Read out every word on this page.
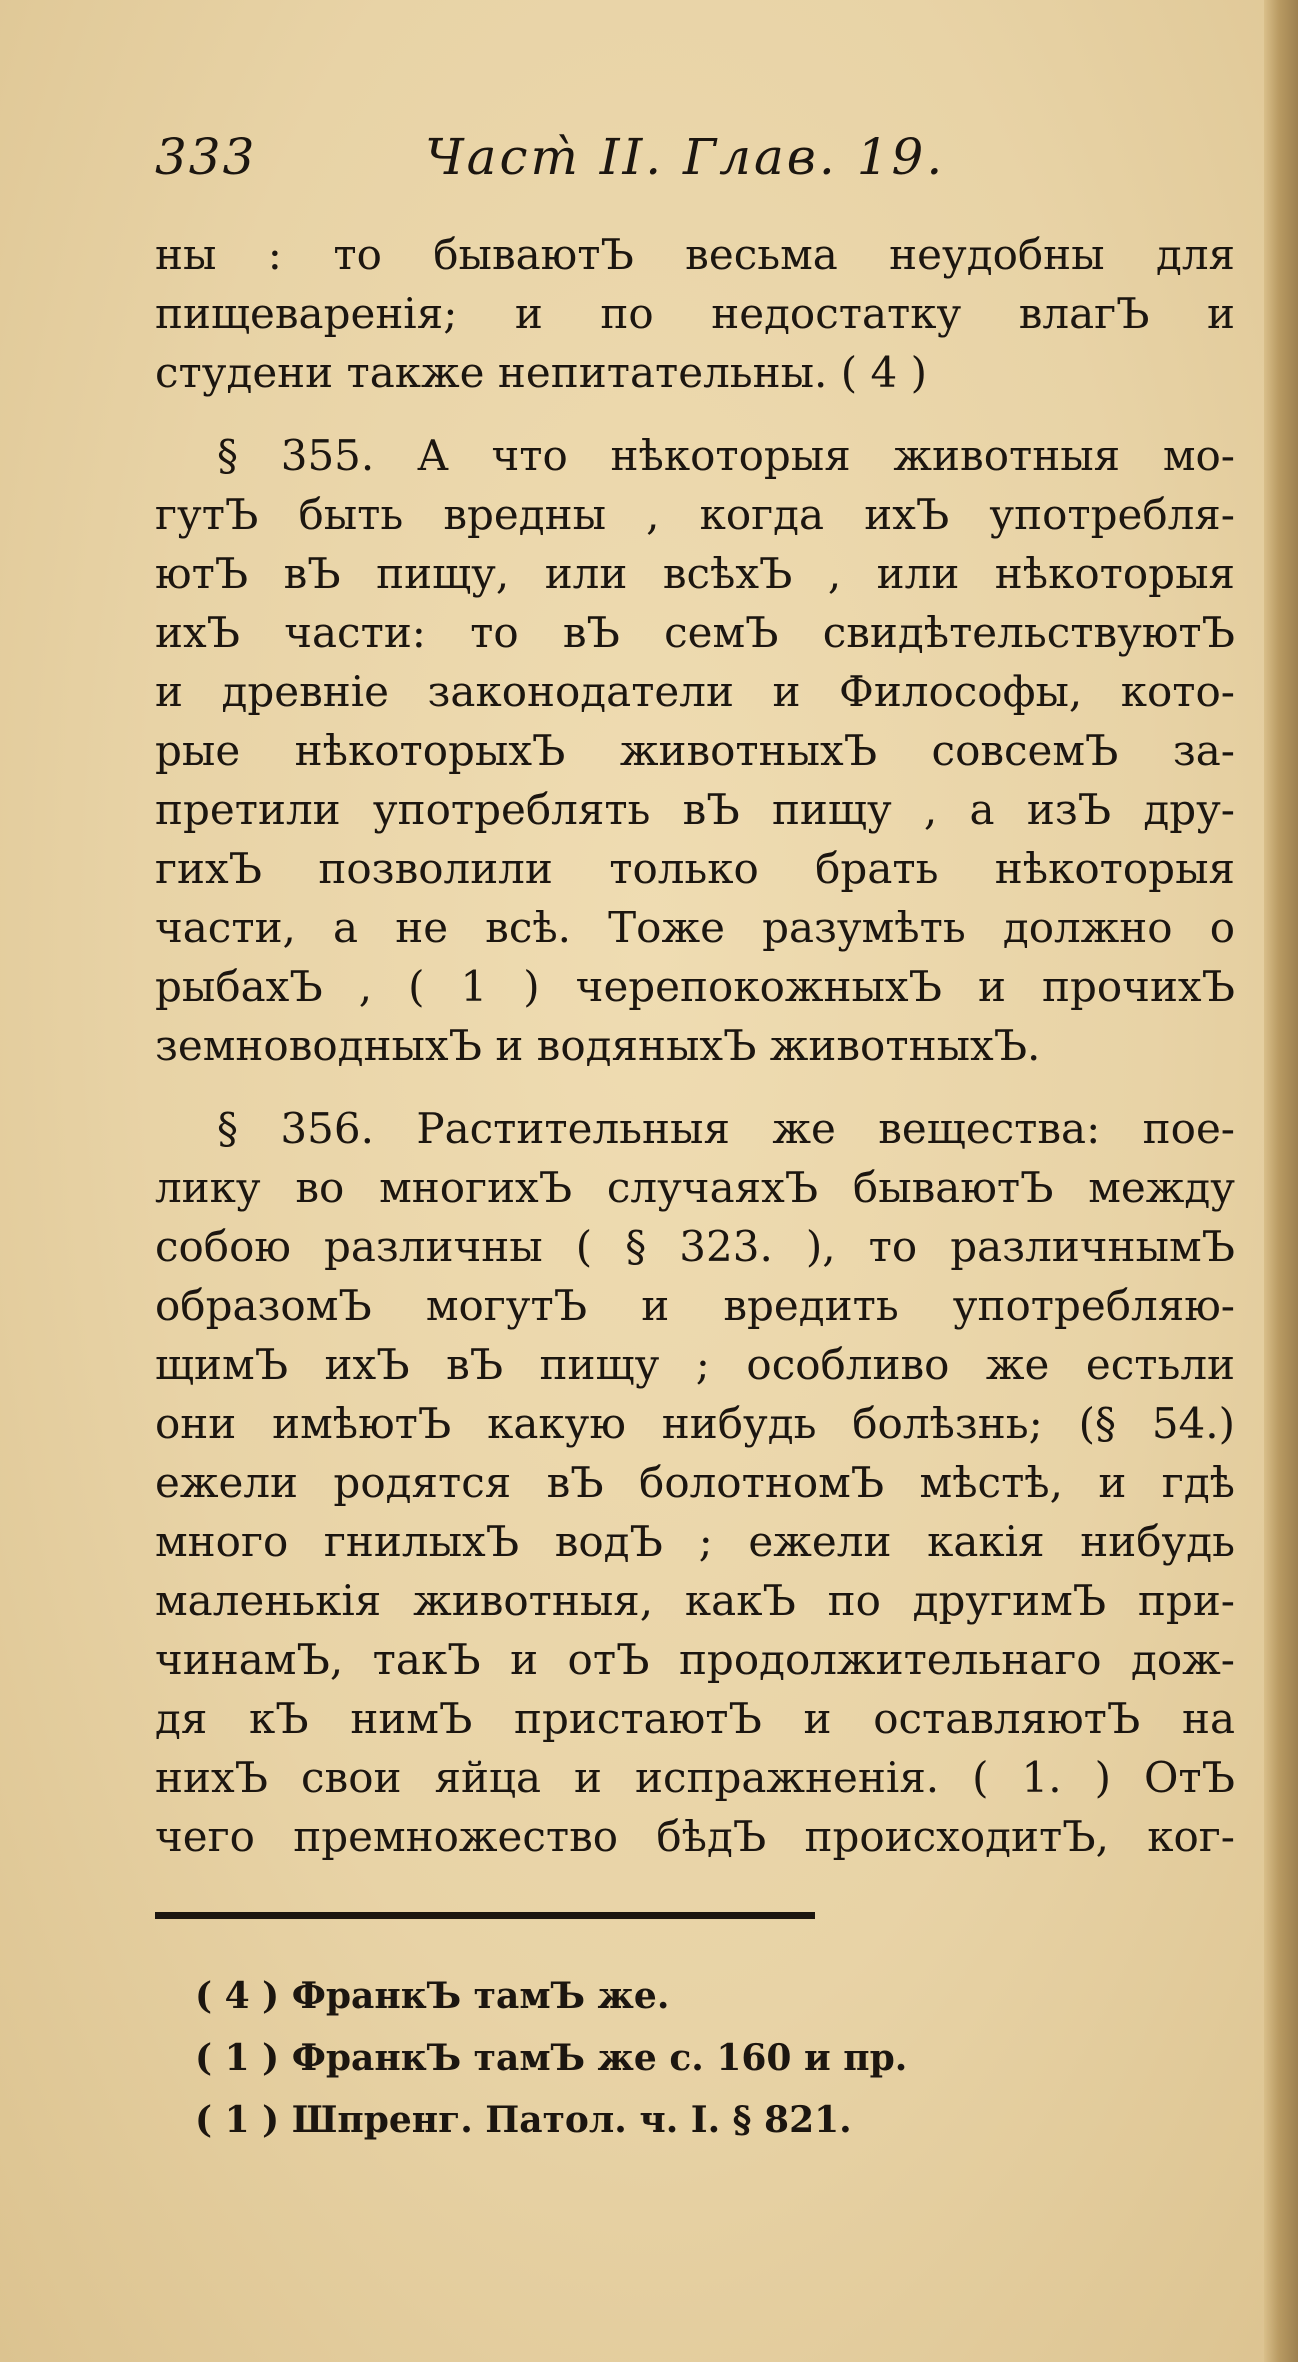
333	Част̀ II. Глав. 19.
ны : то бываютЪ весьма неудобны для
пищеваренія; и по недостатку влагЪ и
студени также непитательны. ( 4 )
§ 355. А что нѣкоторыя животныя мо-
гутЪ быть вредны , когда ихЪ употребля-
ютЪ вЪ пищу, или всѣхЪ , или нѣкоторыя
ихЪ части: то вЪ семЪ свидѣтельствуютЪ
и древніе законодатели и Философы, кото-
рые нѣкоторыхЪ животныхЪ совсемЪ за-
претили употреблять вЪ пищу , а изЪ дру-
гихЪ позволили только брать нѣкоторыя
части, а не всѣ. Тоже разумѣть должно о
рыбахЪ , ( 1 ) черепокожныхЪ и прочихЪ
земноводныхЪ и водяныхЪ животныхЪ.
§ 356. Растительныя же вещества: пое-
лику во многихЪ случаяхЪ бываютЪ между
собою различны ( § 323. ), то различнымЪ
образомЪ могутЪ и вредить употребляю-
щимЪ ихЪ вЪ пищу ; особливо же естьли
они имѣютЪ какую нибудь болѣзнь; (§ 54.)
ежели родятся вЪ болотномЪ мѣстѣ, и гдѣ
много гнилыхЪ водЪ ; ежели какія нибудь
маленькія животныя, какЪ по другимЪ при-
чинамЪ, такЪ и отЪ продолжительнаго дож-
дя кЪ нимЪ пристаютЪ и оставляютЪ на
нихЪ свои яйца и испражненія. ( 1. ) ОтЪ
чего премножество бѣдЪ происходитЪ, ког-
( 4 ) ФранкЪ тамЪ же.
( 1 ) ФранкЪ тамЪ же с. 160 и пр.
( 1 ) Шпренг. Патол. ч. I. § 821.
